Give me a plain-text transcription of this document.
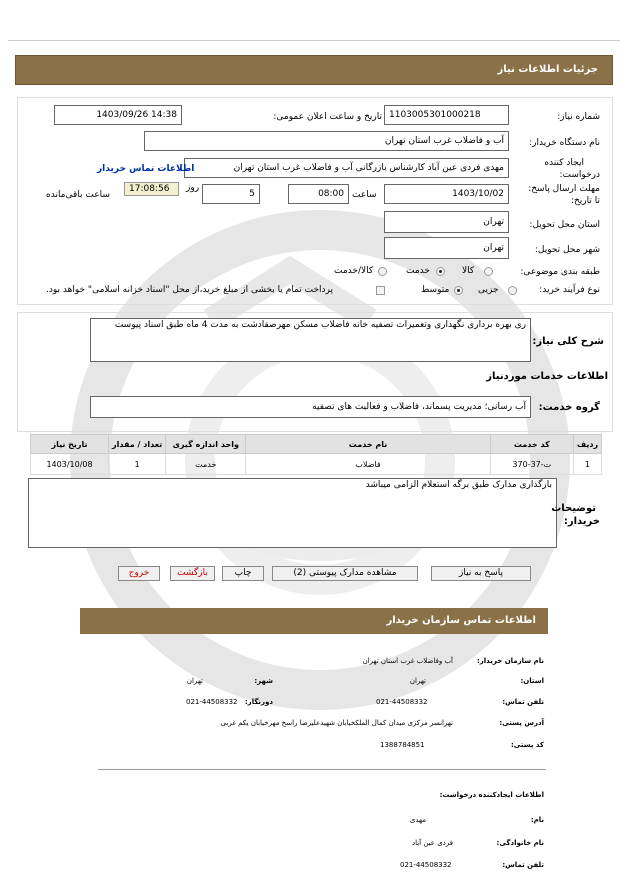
جزئیات اطلاعات نیاز
شماره نیاز:
1103005301000218
تاریخ و ساعت اعلان عمومی:
1403/09/26 14:38
نام دستگاه خریدار:
آب و فاضلاب غرب استان تهران
ایجاد کننده
درخواست:
مهدی فردی عین آباد کارشناس بازرگانی آب و فاضلاب غرب استان تهران
اطلاعات تماس خریدار
مهلت ارسال پاسخ:
تا تاریخ:
1403/10/02
ساعت
08:00
5
روز
17:08:56
ساعت باقی‌مانده
استان محل تحویل:
تهران
شهر محل تحویل:
تهران
طبقه بندی موضوعی:
کالا
خدمت
کالا/خدمت
نوع فرآیند خرید:
جزیی
متوسط
پرداخت تمام یا بخشی از مبلغ خرید،از محل "اسناد خزانه اسلامی" خواهد بود.
ری بهره برداری نگهداری وتعمیرات تصفیه خانه فاضلاب مسکن مهرصفادشت به مدت 4 ماه طبق اسناد پیوست
شرح کلی نیاز:
اطلاعات خدمات موردنیاز
گروه خدمت:
آب رسانی؛ مدیریت پسماند، فاضلاب و فعالیت های تصفیه
ردیف	کد خدمت	نام خدمت	واحد اندازه گیری	تعداد / مقدار	تاریخ نیاز
1	ت-37-370	فاضلاب	خدمت	1	1403/10/08
بارگذاری مدارک طبق برگه استعلام الزامی میباشد
توضیحات
خریدار:
پاسخ به نیاز
مشاهده مدارک پیوستی (2)
چاپ
بازگشت
خروج
اطلاعات تماس سازمان خریدار
نام سازمان خریدار:
آب وفاضلاب غرب استان تهران
استان:
تهران
شهر:
تهران
تلفن تماس:
021-44508332
دورنگار:
021-44508332
آدرس پستی:
تهرانسر مرکزی میدان کمال الملکخیابان شهیدعلیرضا راسخ مهرخیابان یکم غربی
کد پستی:
1388784851
اطلاعات ایجادکننده درخواست:
نام:
مهدی
نام خانوادگی:
فردی عین آباد
تلفن تماس:
021-44508332
